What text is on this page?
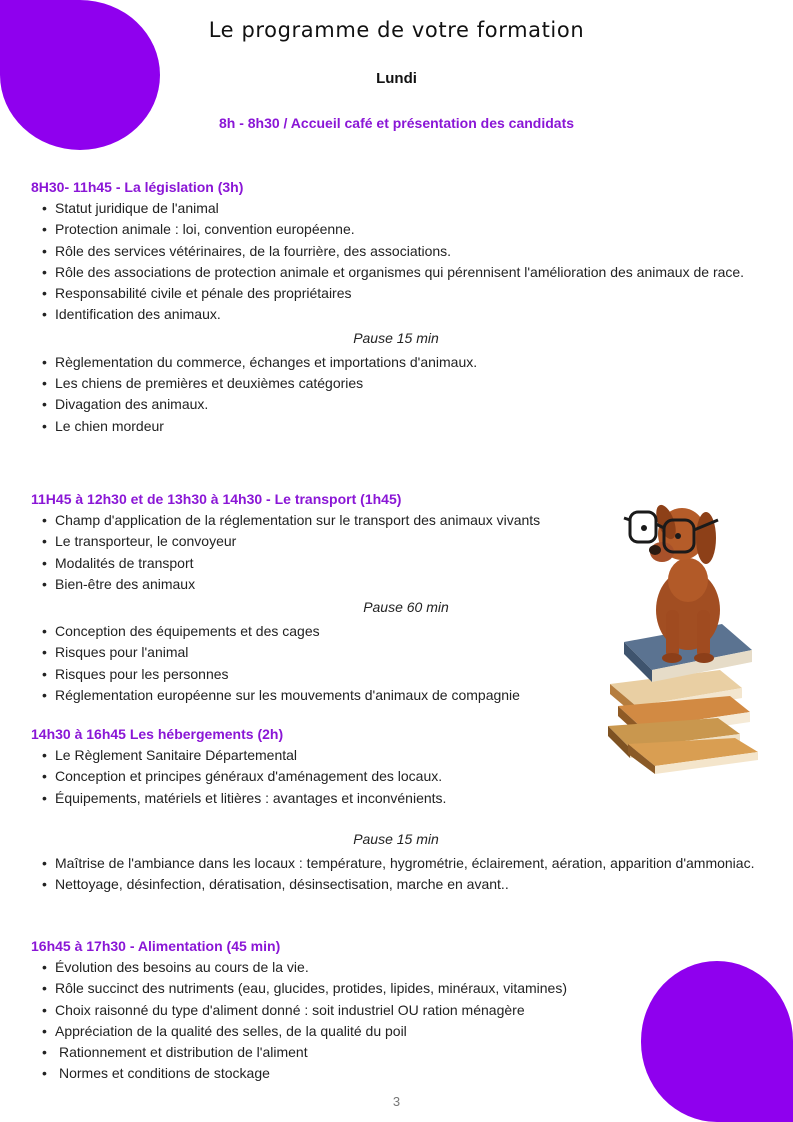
Le programme de votre formation
Lundi
8h - 8h30 / Accueil café et présentation des candidats
8H30- 11h45 - La législation (3h)
• Statut juridique de l'animal
• Protection animale : loi, convention européenne.
• Rôle des services vétérinaires, de la fourrière, des associations.
• Rôle des associations de protection animale et organismes qui pérennisent l'amélioration des animaux de race.
• Responsabilité civile et pénale des propriétaires
• Identification des animaux.
Pause 15 min
• Règlementation du commerce, échanges et importations d'animaux.
• Les chiens de premières et deuxièmes catégories
• Divagation des animaux.
• Le chien mordeur
11H45 à 12h30 et de 13h30 à 14h30 - Le transport (1h45)
• Champ d'application de la réglementation sur le transport des animaux vivants
• Le transporteur, le convoyeur
• Modalités de transport
• Bien-être des animaux
Pause 60 min
• Conception des équipements et des cages
• Risques pour l'animal
• Risques pour les personnes
• Réglementation européenne sur les mouvements d'animaux de compagnie
14h30 à 16h45 Les hébergements (2h)
• Le Règlement Sanitaire Départemental
• Conception et principes généraux d'aménagement des locaux.
• Équipements, matériels et litières : avantages et inconvénients.
Pause 15 min
• Maîtrise de l'ambiance dans les locaux : température, hygrométrie, éclairement, aération, apparition d'ammoniac.
• Nettoyage, désinfection, dératisation, désinsectisation, marche en avant..
16h45 à 17h30 - Alimentation (45 min)
• Évolution des besoins au cours de la vie.
• Rôle succinct des nutriments (eau, glucides, protides, lipides, minéraux, vitamines)
• Choix raisonné du type d'aliment donné : soit industriel OU ration ménagère
• Appréciation de la qualité des selles, de la qualité du poil
• Rationnement et distribution de l'aliment
• Normes et conditions de stockage
3
